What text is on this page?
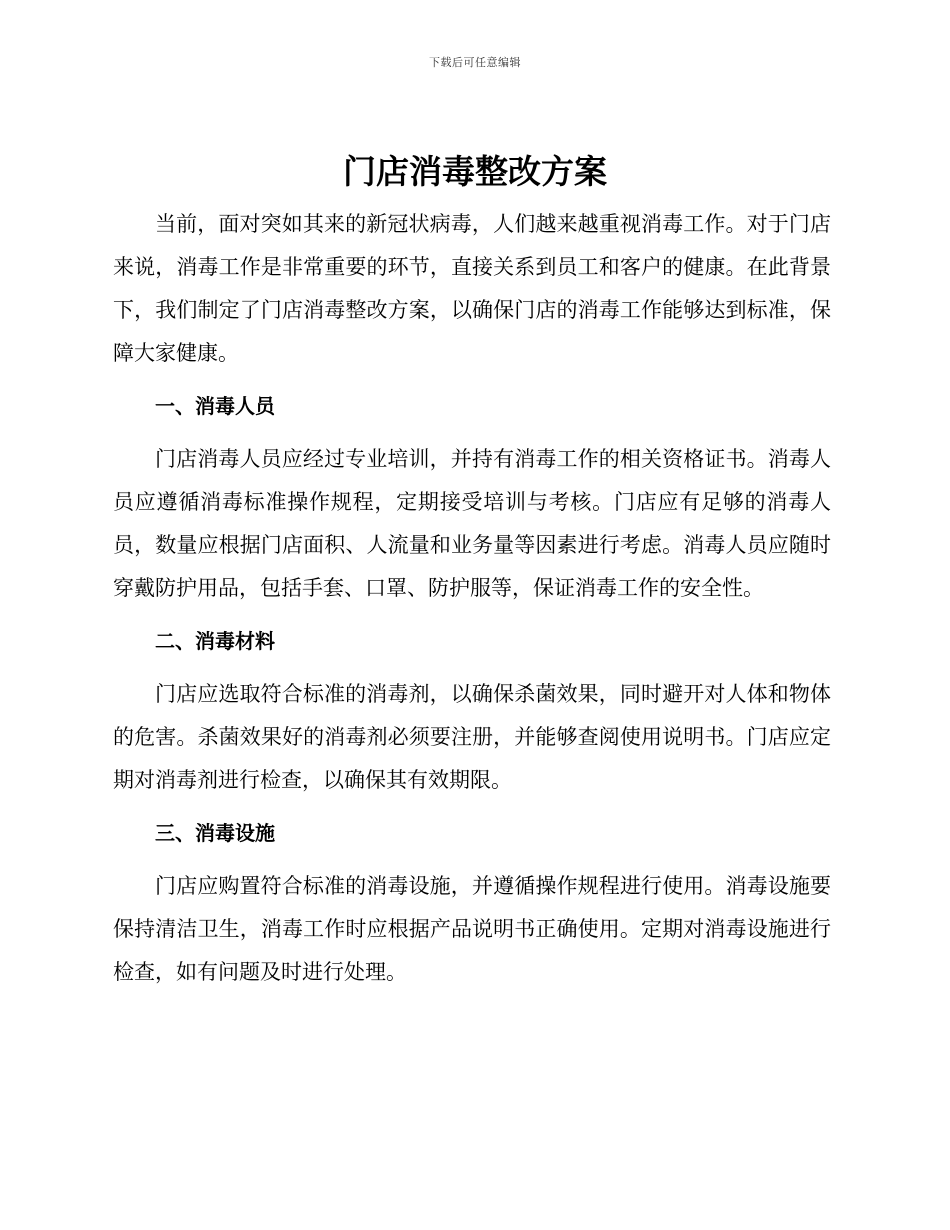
下载后可任意编辑
门店消毒整改方案

当前，面对突如其来的新冠状病毒，人们越来越重视消毒工作。对于门店来说，消毒工作是非常重要的环节，直接关系到员工和客户的健康。在此背景下，我们制定了门店消毒整改方案，以确保门店的消毒工作能够达到标准，保障大家健康。

一、消毒人员

门店消毒人员应经过专业培训，并持有消毒工作的相关资格证书。消毒人员应遵循消毒标准操作规程，定期接受培训与考核。门店应有足够的消毒人员，数量应根据门店面积、人流量和业务量等因素进行考虑。消毒人员应随时穿戴防护用品，包括手套、口罩、防护服等，保证消毒工作的安全性。

二、消毒材料

门店应选取符合标准的消毒剂，以确保杀菌效果，同时避开对人体和物体的危害。杀菌效果好的消毒剂必须要注册，并能够查阅使用说明书。门店应定期对消毒剂进行检查，以确保其有效期限。

三、消毒设施

门店应购置符合标准的消毒设施，并遵循操作规程进行使用。消毒设施要保持清洁卫生，消毒工作时应根据产品说明书正确使用。定期对消毒设施进行检查，如有问题及时进行处理。
